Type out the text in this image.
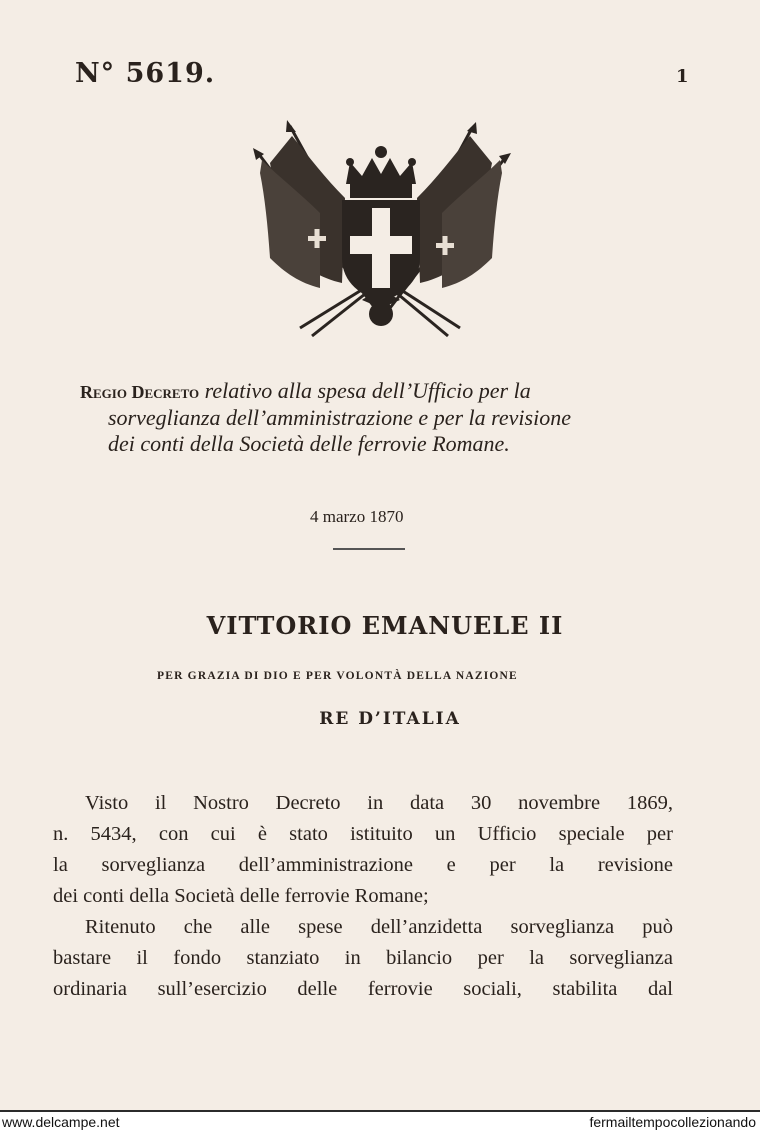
N° 5619.	1
Regio Decreto relativo alla spesa dell’Ufficio per la
sorveglianza dell’amministrazione e per la revisione
dei conti della Società delle ferrovie Romane.
4 marzo 1870
VITTORIO EMANUELE II
PER GRAZIA DI DIO E PER VOLONTÀ DELLA NAZIONE
RE D’ITALIA
Visto il Nostro Decreto in data 30 novembre 1869,
n. 5434, con cui è stato istituito un Ufficio speciale per
la sorveglianza dell’amministrazione e per la revisione
dei conti della Società delle ferrovie Romane;
Ritenuto che alle spese dell’anzidetta sorveglianza può
bastare il fondo stanziato in bilancio per la sorveglianza
ordinaria sull’esercizio delle ferrovie sociali, stabilita dal
www.delcampe.net	fermailtempocollezionando
